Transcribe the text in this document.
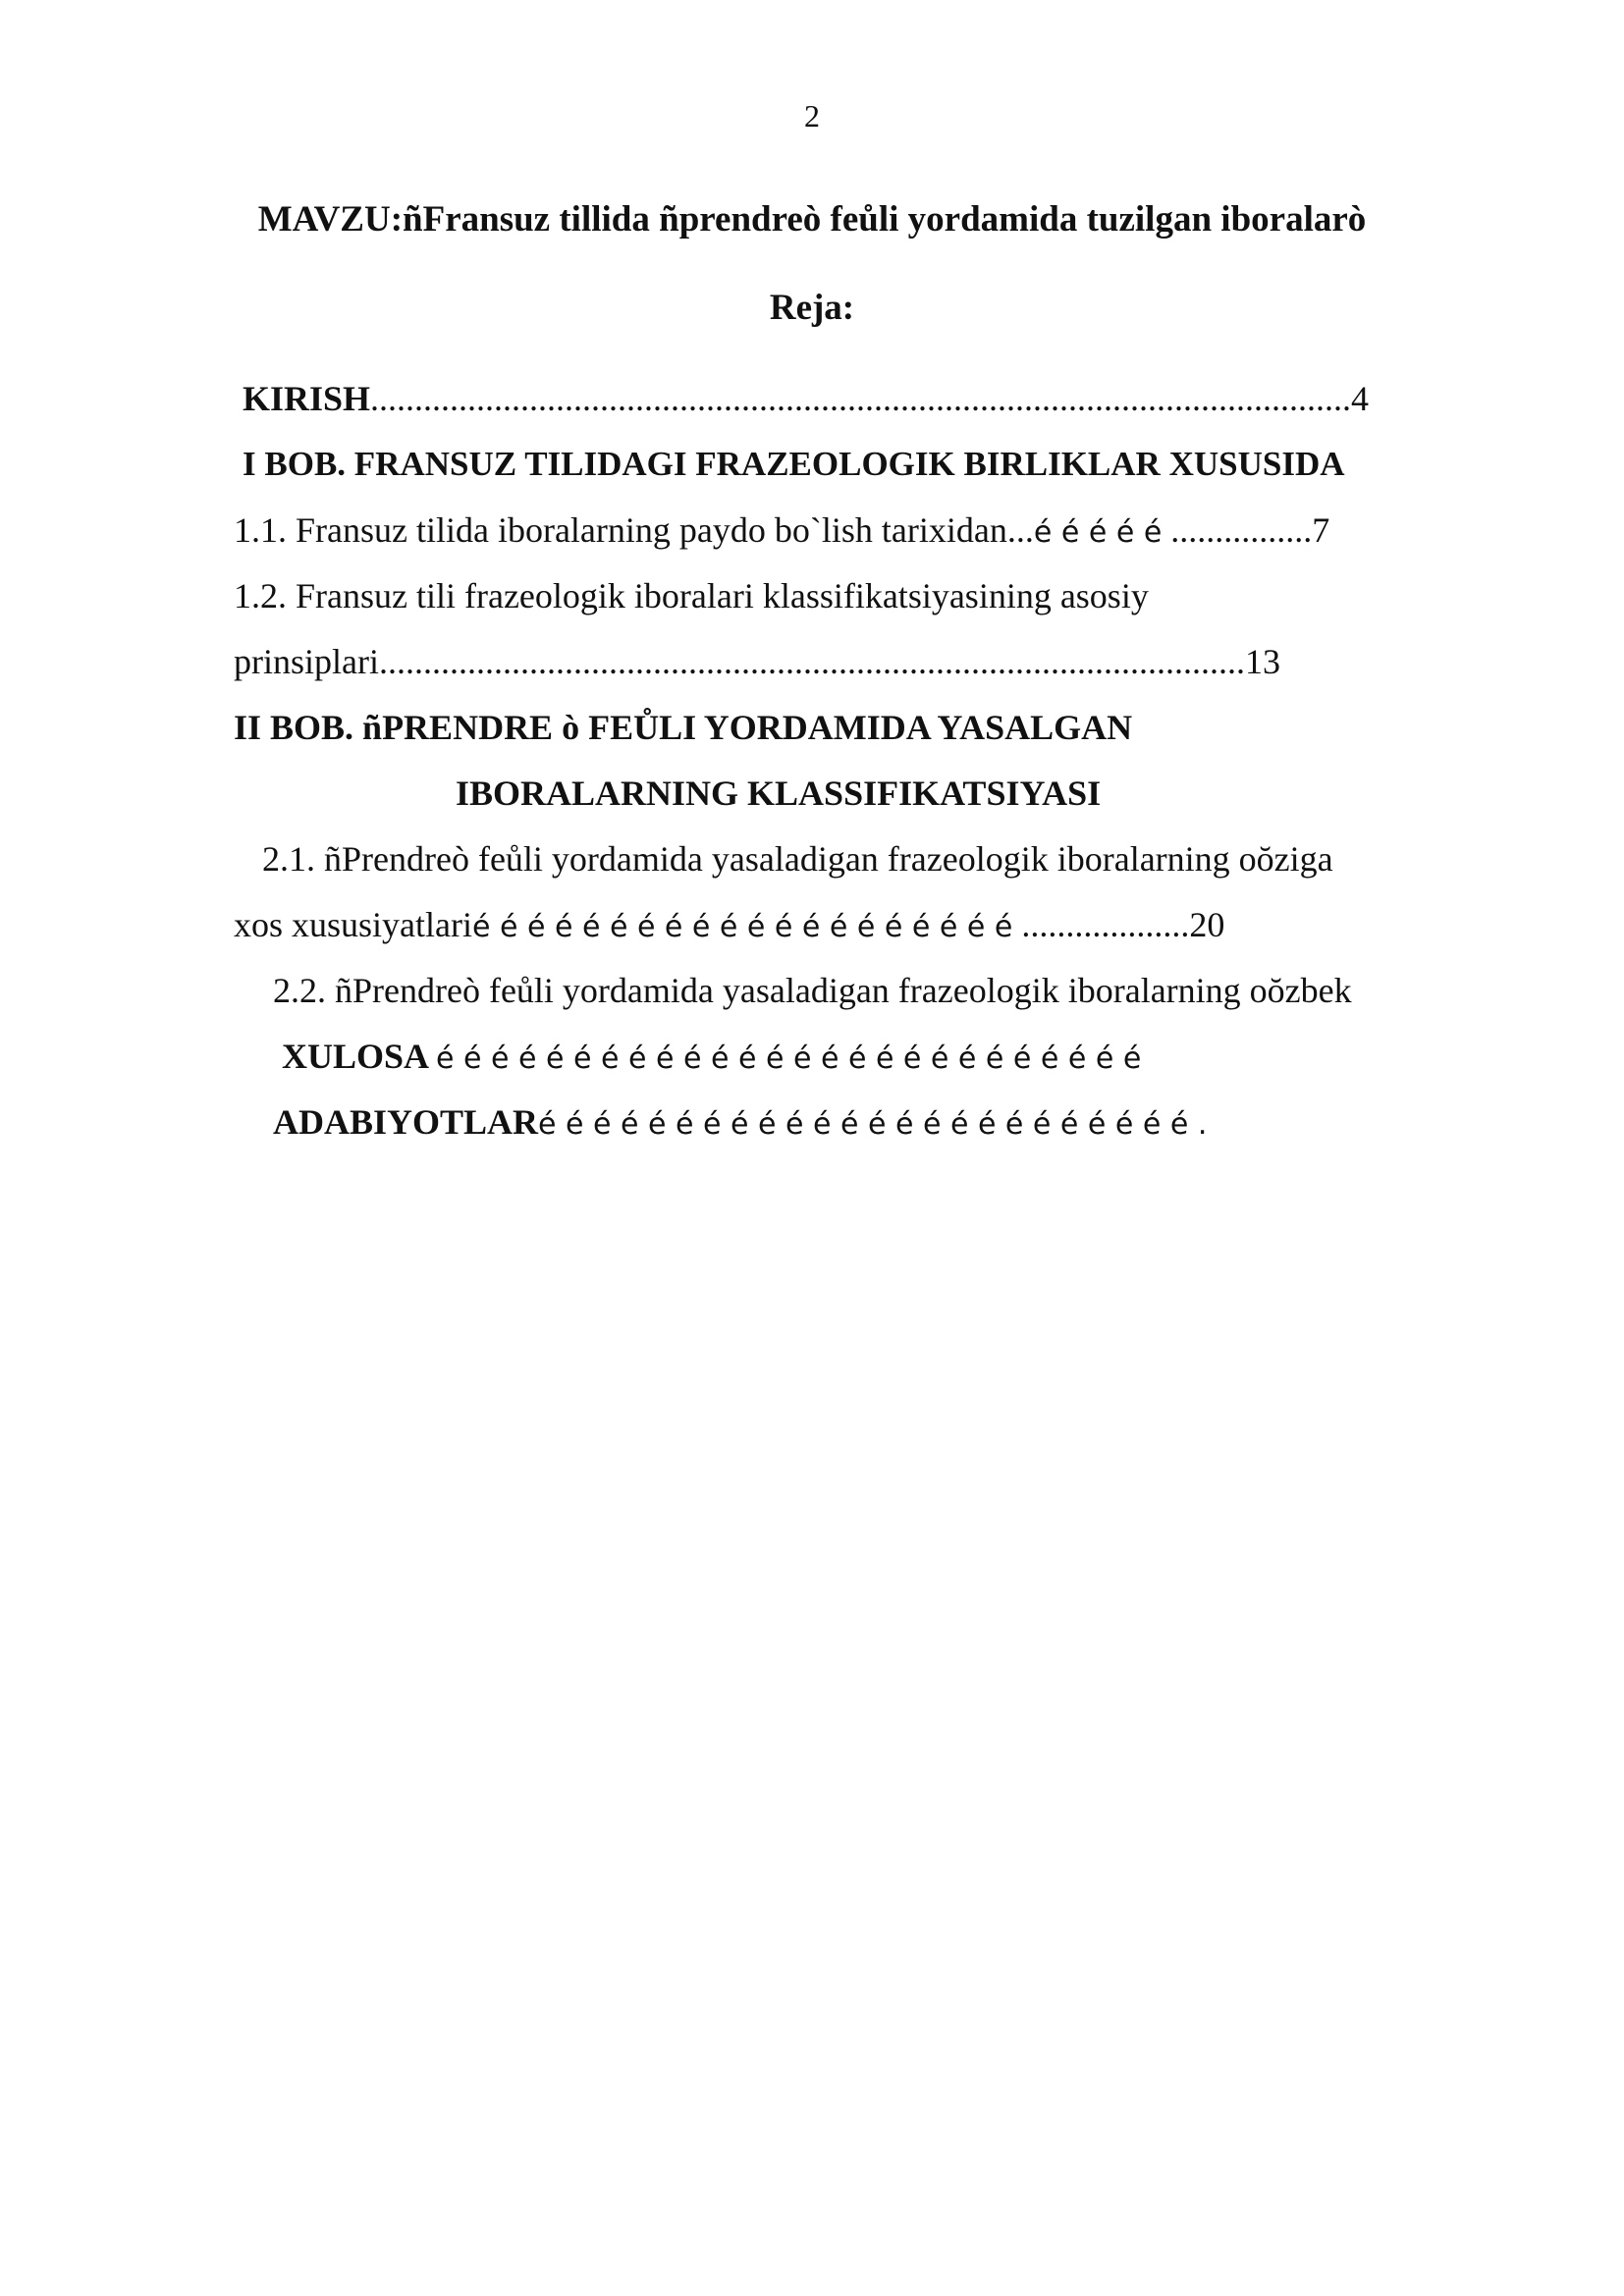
2
MAVZU:ñFransuz tillida ñprendreò feůli yordamida tuzilgan iboralarò
Reja:
KIRISH...............................................................................................................4
I BOB. FRANSUZ TILIDAGI FRAZEOLOGIK BIRLIKLAR XUSUSIDA
1.1. Fransuz tilida iboralarning paydo bo`lish tarixidan...é é é é é ................7
1.2. Fransuz tili frazeologik iboralari klassifikatsiyasining asosiy
prinsiplari..................................................................................................13
II BOB. ñPRENDRE ò FEŮLI YORDAMIDA YASALGAN
IBORALARNING KLASSIFIKATSIYASI
2.1. ñPrendreò feůli yordamida yasaladigan frazeologik iboralarning oŏziga
xos xususiyatlarié é é é é é é é é é é é é é é é é é é é ...................20
2.2. ñPrendreò feůli yordamida yasaladigan frazeologik iboralarning oŏzbek
XULOSA é é é é é é é é é é é é é é é é é é é é é é é é é é
ADABIYOTLARé é é é é é é é é é é é é é é é é é é é é é é é .
